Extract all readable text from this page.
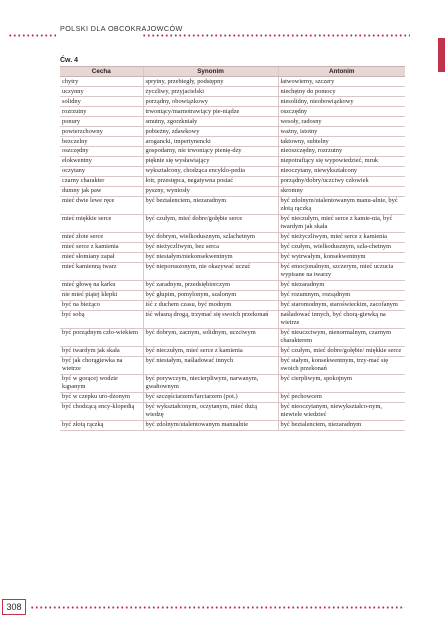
POLSKI DLA OBCOKRAJOWCÓW
Ćw. 4
Cecha	Synonim	Antonim
chytry	sprytny, przebiegły, podstępny	łatwowierny, szczery
uczynny	życzliwy, przyjacielski	niechętny do pomocy
solidny	porządny, obowiązkowy	niesolidny, nieobowiązkowy
rozrzutny	trwoniący/marnotrawiący pie-niądze	oszczędny
ponury	smutny, zgorzkniały	wesoły, radosny
powierzchowny	pobieżny, zdawkowy	ważny, istotny
bezczelny	arogancki, impertynencki	taktowny, subtelny
oszczędny	gospodarny, nie trwoniący pienię-dzy	nieoszczędny, rozrzutny
elokwentny	pięknie się wysławiający	niepotrafiący się wypowiedzieć, mruk
oczytany	wykształcony, chodząca encyklo-pedia	nieoczytany, niewykształcony
czarny charakter	łotr, przestępca, negatywna postać	porządny/dobry/uczciwy człowiek
dumny jak paw	pyszny, wyniosły	skromny
mieć dwie lewe ręce	być beztalenciem, niezaradnym	być zdolnym/utalentowanym manu-alnie, być złotą rączką
mieć miękkie serce	być czułym, mieć dobre/gołębie serce	być nieczułym, mieć serce z kamie-nia, być twardym jak skała
mieć złote serce	być dobrym, wielkodusznym, szlachetnym	być nieżyczliwym, mieć serce z kamienia
mieć serce z kamienia	być nieżyczliwym, bez serca	być czułym, wielkodusznym, szla-chetnym
mieć słomiany zapał	być niestałym/niekonsekwentnym	być wytrwałym, konsekwentnym
mieć kamienną twarz	być nieporuszonym, nie okazywać uczuć	być emocjonalnym, szczerym, mieć uczucia wypisane na twarzy
mieć głowę na karku	być zaradnym, przedsiębiorczym	być niezaradnym
nie mieć piątej klepki	być głupim, pomylonym, szalonym	być rozumnym, rozsądnym
być na bieżąco	iść z duchem czasu, być modnym	być staromodnym, staroświeckim, zacofanym
być sobą	iść własną drogą, trzymać się swoich przekonań	naśladować innych, być chorą-giewką na wietrze
być porządnym czło-wiekiem	być dobrym, zacnym, solidnym, uczciwym	być nieuczciwym, nienormalnym, czarnym charakterem
być twardym jak skała	być nieczułym, mieć serce z kamienia	być czułym, mieć dobre/gołębie/ miękkie serce
być jak chorągiewka na wietrze	być niestałym, naśladować innych	być stałym, konsekwentnym, trzy-mać się swoich przekonań
być w gorącej wodzie kąpanym	być porywczym, niecierpliwym, narwanym, gwałtownym	być cierpliwym, spokojnym
być w czepku uro-dzonym	być szczęściarzem/farciarzem (pot.)	być pechowcem
być chodzącą ency-klopedią	być wykształconym, oczytanym, mieć dużą wiedzę	być nieoczytanym, niewykształco-nym, niewiele wiedzieć
być złotą rączką	być zdolnym/utalentowanym manualnie	być beztalenciem, niezaradnym
308
